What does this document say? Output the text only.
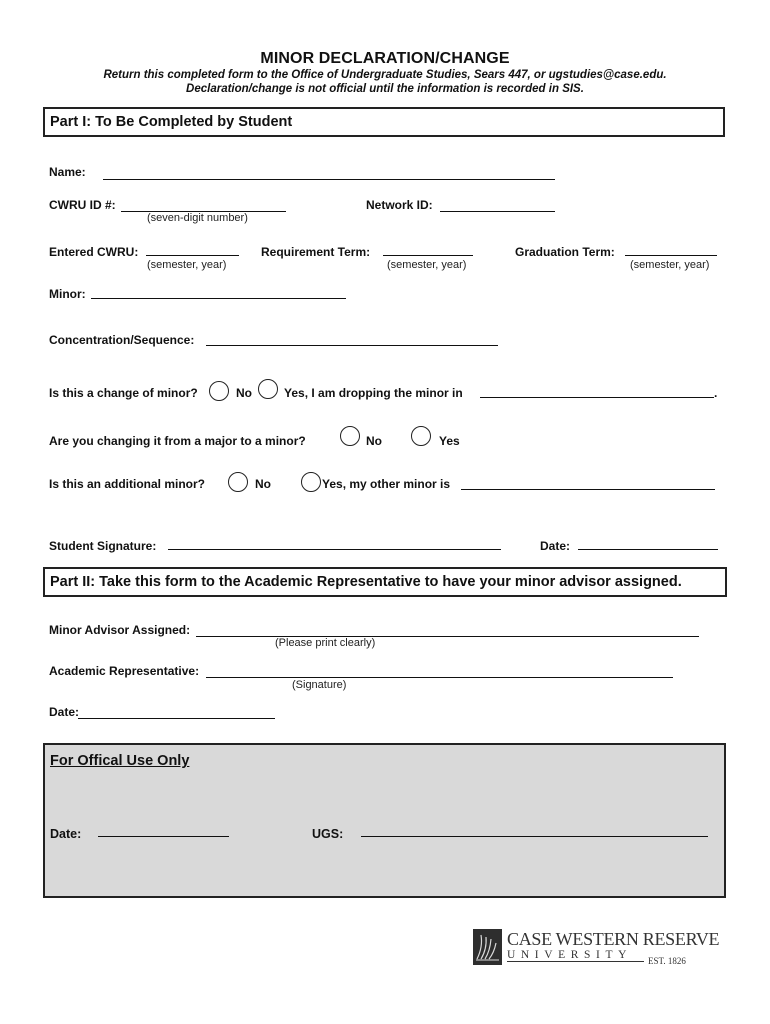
MINOR DECLARATION/CHANGE
Return this completed form to the Office of Undergraduate Studies, Sears 447, or ugstudies@case.edu.
Declaration/change is not official until the information is recorded in SIS.
Part I: To Be Completed by Student
Name:
CWRU ID #:
(seven-digit number)
Network ID:
Entered CWRU:
(semester, year)
Requirement Term:
(semester, year)
Graduation Term:
(semester, year)
Minor:
Concentration/Sequence:
Is this a change of minor?	No	Yes, I am dropping the minor in	.
Are you changing it from a major to a minor?	No	Yes
Is this an additional minor?	No	Yes, my other minor is
Student Signature:	Date:
Part II: Take this form to the Academic Representative to have your minor advisor assigned.
Minor Advisor Assigned:
(Please print clearly)
Academic Representative:
(Signature)
Date:
For Offical Use Only
Date:	UGS:
CASE WESTERN RESERVE
UNIVERSITY EST. 1826
